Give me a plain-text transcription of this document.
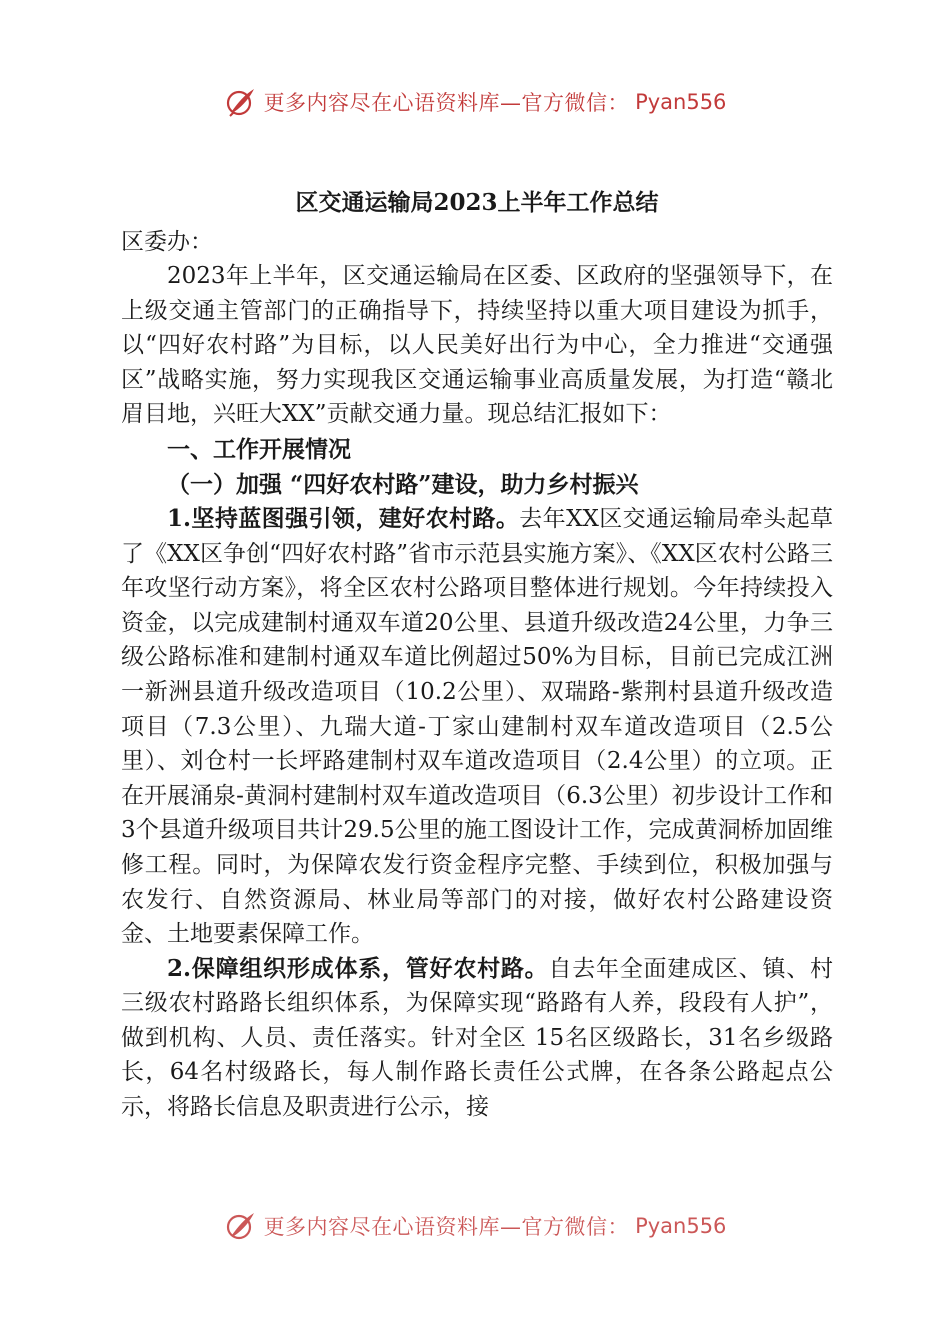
更多内容尽在心语资料库—官方微信： Pyan556
区交通运输局2023上半年工作总结
区委办：

2023年上半年，区交通运输局在区委、区政府的坚强领导下，在上级交通主管部门的正确指导下，持续坚持以重大项目建设为抓手，以“四好农村路”为目标，以人民美好出行为中心，全力推进“交通强区”战略实施，努力实现我区交通运输事业高质量发展，为打造“赣北眉目地，兴旺大XX”贡献交通力量。现总结汇报如下：

一、工作开展情况
（一）加强 “四好农村路”建设，助力乡村振兴

1.坚持蓝图强引领，建好农村路。去年XX区交通运输局牵头起草了《XX区争创“四好农村路”省市示范县实施方案》、《XX区农村公路三年攻坚行动方案》，将全区农村公路项目整体进行规划。今年持续投入资金，以完成建制村通双车道20公里、县道升级改造24公里，力争三级公路标准和建制村通双车道比例超过50%为目标，目前已完成江洲一新洲县道升级改造项目（10.2公里）、双瑞路-紫荆村县道升级改造项目（7.3公里）、九瑞大道-丁家山建制村双车道改造项目（2.5公里）、刘仓村一长坪路建制村双车道改造项目（2.4公里）的立项。正在开展涌泉-黄洞村建制村双车道改造项目（6.3公里）初步设计工作和3个县道升级项目共计29.5公里的施工图设计工作，完成黄洞桥加固维修工程。同时，为保障农发行资金程序完整、手续到位，积极加强与农发行、自然资源局、林业局等部门的对接，做好农村公路建设资金、土地要素保障工作。

2.保障组织形成体系，管好农村路。自去年全面建成区、镇、村三级农村路路长组织体系，为保障实现“路路有人养，段段有人护”，做到机构、人员、责任落实。针对全区 15名区级路长，31名乡级路长，64名村级路长，每人制作路长责任公式牌，在各条公路起点公示，将路长信息及职责进行公示，接

更多内容尽在心语资料库—官方微信： Pyan556
